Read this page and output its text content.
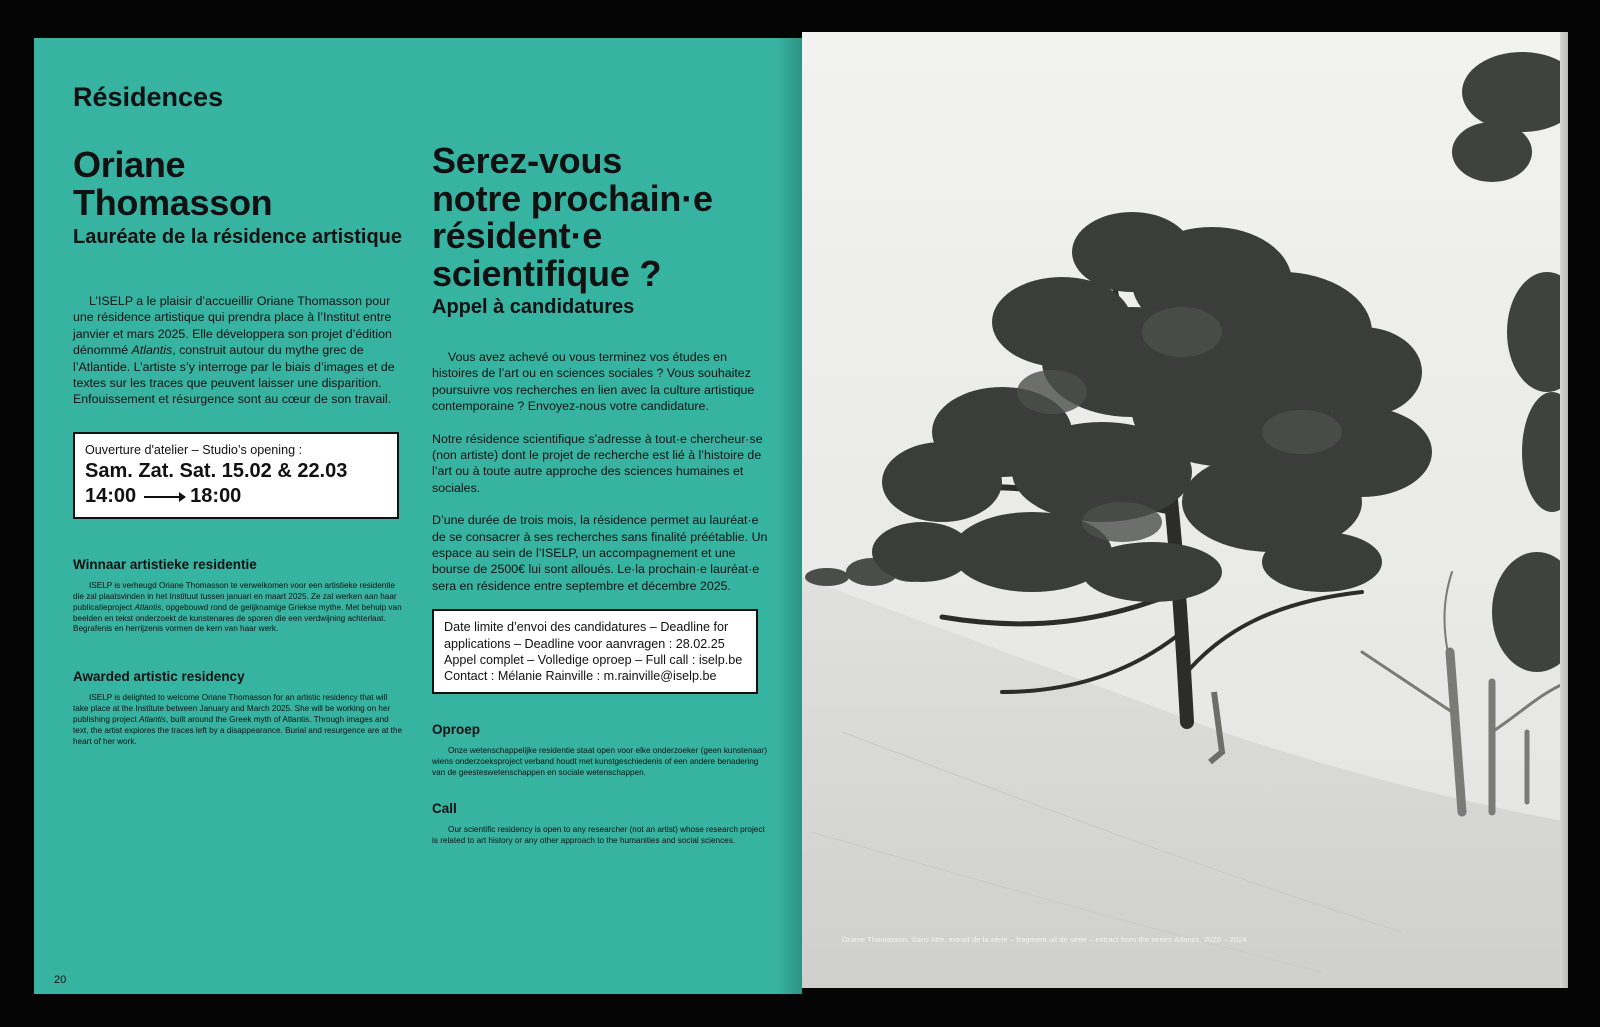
Résidences
Oriane
Thomasson
Lauréate de la résidence artistique

L’ISELP a le plaisir d’accueillir Oriane Thomasson pour une résidence artistique qui prendra place à l’Institut entre janvier et mars 2025. Elle développera son projet d’édition dénommé Atlantis, construit autour du mythe grec de l’Atlantide. L’artiste s’y interroge par le biais d’images et de textes sur les traces que peuvent laisser une disparition. Enfouissement et résurgence sont au cœur de son travail.

Ouverture d'atelier – Studio’s opening :
Sam. Zat. Sat. 15.02 & 22.03
14:00	18:00
Winnaar artistieke residentie

ISELP is verheugd Oriane Thomasson te verwelkomen voor een artistieke residentie die zal plaatsvinden in het Instituut tussen januari en maart 2025. Ze zal werken aan haar publicatieproject Atlantis, opgebouwd rond de gelijknamige Griekse mythe. Met behulp van beelden en tekst onderzoekt de kunstenares de sporen die een verdwijning achterlaat. Begrafenis en herrijzenis vormen de kern van haar werk.

Awarded artistic residency

ISELP is delighted to welcome Oriane Thomasson for an artistic residency that will take place at the Institute between January and March 2025. She will be working on her publishing project Atlantis, built around the Greek myth of Atlantis. Through images and text, the artist explores the traces left by a disappearance. Burial and resurgence are at the heart of her work.

Serez-vous
notre prochain·e
résident·e
scientifique ?
Appel à candidatures

Vous avez achevé ou vous terminez vos études en histoires de l’art ou en sciences sociales ? Vous souhaitez poursuivre vos recherches en lien avec la culture artistique contemporaine ? Envoyez-nous votre candidature.

Notre résidence scientifique s’adresse à tout·e chercheur·se (non artiste) dont le projet de recherche est lié à l’histoire de l’art ou à toute autre approche des sciences humaines et sociales.

D’une durée de trois mois, la résidence permet au lauréat·e de se consacrer à ses recherches sans finalité préétablie. Un espace au sein de l’ISELP, un accompagnement et une bourse de 2500€ lui sont alloués. Le·la prochain·e lauréat·e sera en résidence entre septembre et décembre 2025.

Date limite d’envoi des candidatures – Deadline for applications – Deadline voor aanvragen : 28.02.25
Appel complet – Volledige oproep – Full call : iselp.be
Contact : Mélanie Rainville : m.rainville@iselp.be
Oproep

Onze wetenschappelijke residentie staat open voor elke onderzoeker (geen kunstenaar) wiens onderzoeksproject verband houdt met kunstgeschiedenis of een andere benadering van de geesteswetenschappen en sociale wetenschappen.

Call

Our scientific residency is open to any researcher (not an artist) whose research project is related to art history or any other approach to the humanities and social sciences.

20
Oriane Thomasson, Sans titre, extrait de la série – fragment uit de serie – extract from the series Atlantis, 2020 – 2024
